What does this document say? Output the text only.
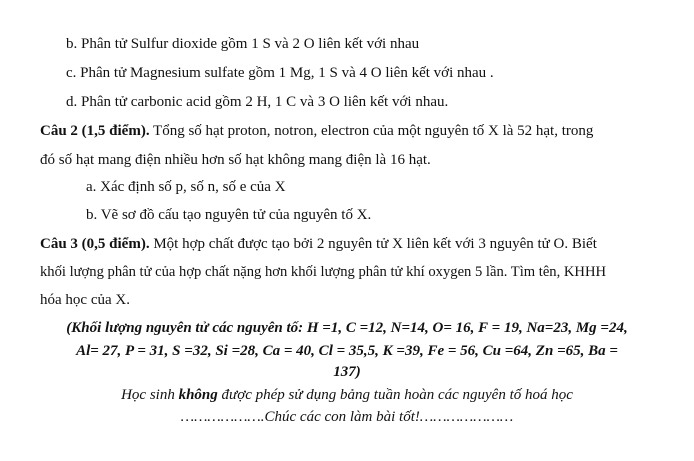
b. Phân tử Sulfur dioxide gồm 1 S và 2 O liên kết với nhau
c. Phân tử Magnesium sulfate gồm 1 Mg, 1 S và 4 O liên kết với nhau .
d. Phân tử carbonic acid gồm 2 H, 1 C và 3 O liên kết với nhau.
Câu 2 (1,5 điểm). Tổng số hạt proton, notron, electron của một nguyên tố X là 52 hạt, trong
đó số hạt mang điện nhiều hơn số hạt không mang điện là 16 hạt.
a. Xác định số p, số n, số e của X
b. Vẽ sơ đồ cấu tạo nguyên tử của nguyên tố X.
Câu 3 (0,5 điểm). Một hợp chất được tạo bởi 2 nguyên tử X liên kết với 3 nguyên tử O. Biết
khối lượng phân tử của hợp chất nặng hơn khối lượng phân tử khí oxygen 5 lần. Tìm tên, KHHH
hóa học của X.
(Khối lượng nguyên tử các nguyên tố: H =1, C =12, N=14, O= 16, F = 19, Na=23, Mg =24,
Al= 27, P = 31, S =32, Si =28, Ca = 40, Cl = 35,5, K =39, Fe = 56, Cu =64, Zn =65, Ba =
137)
Học sinh không được phép sử dụng bảng tuần hoàn các nguyên tố hoá học
……………….Chúc các con làm bài tốt!…………………
